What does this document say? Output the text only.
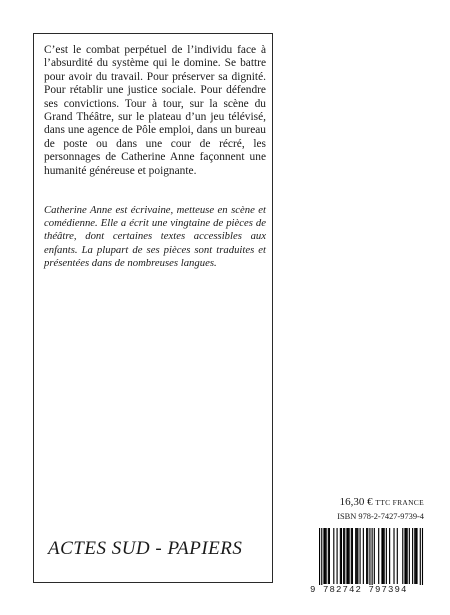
C’est le combat perpétuel de l’individu face à l’absurdité du système qui le domine. Se battre pour avoir du travail. Pour préserver sa dignité. Pour rétablir une justice sociale. Pour défendre ses convictions. Tour à tour, sur la scène du Grand Théâtre, sur le plateau d’un jeu télévisé, dans une agence de Pôle emploi, dans un bureau de poste ou dans une cour de récré, les personnages de Catherine Anne façonnent une humanité généreuse et poignante.

Catherine Anne est écrivaine, metteuse en scène et comédienne. Elle a écrit une vingtaine de pièces de théâtre, dont certaines textes accessibles aux enfants. La plupart de ses pièces sont traduites et présentées dans de nombreuses langues.

ACTES SUD - PAPIERS
16,30 € TTC FRANCE
ISBN 978-2-7427-9739-4
9 782742 797394
